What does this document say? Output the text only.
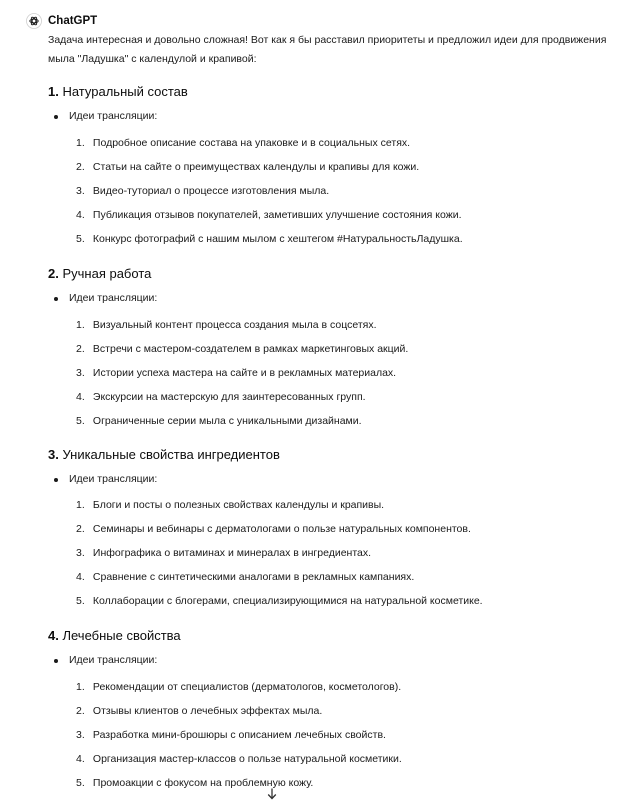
ChatGPT
Задача интересная и довольно сложная! Вот как я бы расставил приоритеты и предложил идеи для продвижения мыла "Ладушка" с календулой и крапивой:
1. Натуральный состав
Идеи трансляции:
1. Подробное описание состава на упаковке и в социальных сетях.
2. Статьи на сайте о преимуществах календулы и крапивы для кожи.
3. Видео-туториал о процессе изготовления мыла.
4. Публикация отзывов покупателей, заметивших улучшение состояния кожи.
5. Конкурс фотографий с нашим мылом с хештегом #НатуральностьЛадушка.
2. Ручная работа
Идеи трансляции:
1. Визуальный контент процесса создания мыла в соцсетях.
2. Встречи с мастером-создателем в рамках маркетинговых акций.
3. Истории успеха мастера на сайте и в рекламных материалах.
4. Экскурсии на мастерскую для заинтересованных групп.
5. Ограниченные серии мыла с уникальными дизайнами.
3. Уникальные свойства ингредиентов
Идеи трансляции:
1. Блоги и посты о полезных свойствах календулы и крапивы.
2. Семинары и вебинары с дерматологами о пользе натуральных компонентов.
3. Инфографика о витаминах и минералах в ингредиентах.
4. Сравнение с синтетическими аналогами в рекламных кампаниях.
5. Коллаборации с блогерами, специализирующимися на натуральной косметике.
4. Лечебные свойства
Идеи трансляции:
1. Рекомендации от специалистов (дерматологов, косметологов).
2. Отзывы клиентов о лечебных эффектах мыла.
3. Разработка мини-брошюры с описанием лечебных свойств.
4. Организация мастер-классов о пользе натуральной косметики.
5. Промоакции с фокусом на проблемную кожу.
